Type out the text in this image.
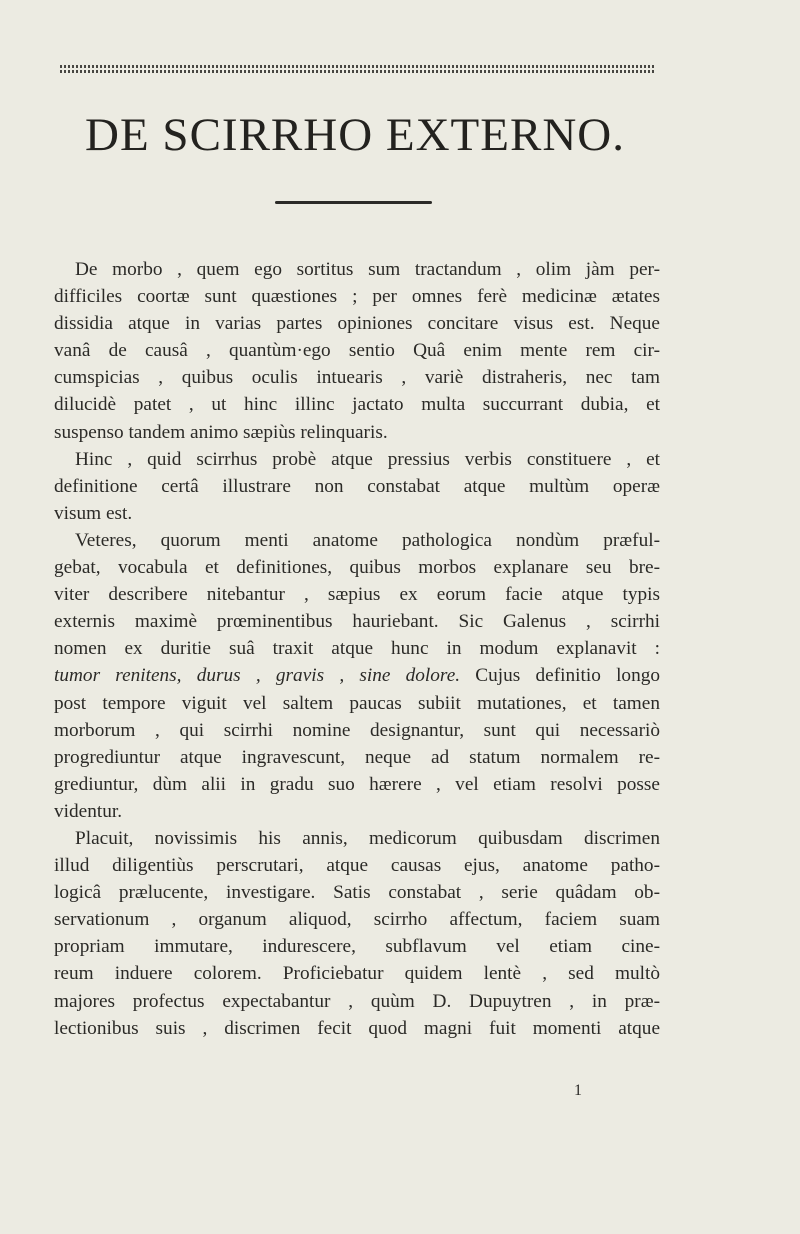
DE SCIRRHO EXTERNO.
De morbo , quem ego sortitus sum tractandum , olim jàm per-
difficiles coortæ sunt quæstiones ; per omnes ferè medicinæ ætates
dissidia atque in varias partes opiniones concitare visus est. Neque
vanâ de causâ , quantùm·ego sentio Quâ enim mente rem cir-
cumspicias , quibus oculis intuearis , variè distraheris, nec tam
dilucidè patet , ut hinc illinc jactato multa succurrant dubia, et
suspenso tandem animo sæpiùs relinquaris.
Hinc , quid scirrhus probè atque pressius verbis constituere , et
definitione certâ illustrare non constabat atque multùm operæ
visum est.
Veteres, quorum menti anatome pathologica nondùm præful-
gebat, vocabula et definitiones, quibus morbos explanare seu bre-
viter describere nitebantur , sæpius ex eorum facie atque typis
externis maximè prœminentibus hauriebant. Sic Galenus , scirrhi
nomen ex duritie suâ traxit atque hunc in modum explanavit :
tumor renitens, durus , gravis , sine dolore. Cujus definitio longo
post tempore viguit vel saltem paucas subiit mutationes, et tamen
morborum , qui scirrhi nomine designantur, sunt qui necessariò
progrediuntur atque ingravescunt, neque ad statum normalem re-
grediuntur, dùm alii in gradu suo hærere , vel etiam resolvi posse
videntur.
Placuit, novissimis his annis, medicorum quibusdam discrimen
illud diligentiùs perscrutari, atque causas ejus, anatome patho-
logicâ prælucente, investigare. Satis constabat , serie quâdam ob-
servationum , organum aliquod, scirrho affectum, faciem suam
propriam immutare, indurescere, subflavum vel etiam cine-
reum induere colorem. Proficiebatur quidem lentè , sed multò
majores profectus expectabantur , quùm D. Dupuytren , in præ-
lectionibus suis , discrimen fecit quod magni fuit momenti atque
1
